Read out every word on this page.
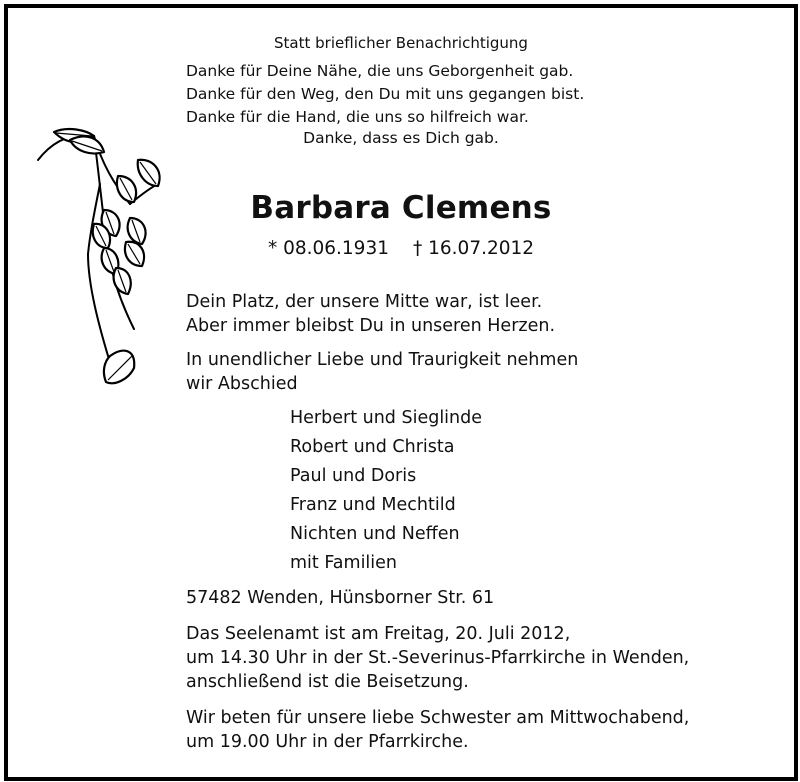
Statt brieflicher Benachrichtigung
Danke für Deine Nähe, die uns Geborgenheit gab.
Danke für den Weg, den Du mit uns gegangen bist.
Danke für die Hand, die uns so hilfreich war.
Danke, dass es Dich gab.
Barbara Clemens
* 08.06.1931 † 16.07.2012
Dein Platz, der unsere Mitte war, ist leer.
Aber immer bleibst Du in unseren Herzen.
In unendlicher Liebe und Traurigkeit nehmen
wir Abschied
Herbert und Sieglinde
Robert und Christa
Paul und Doris
Franz und Mechtild
Nichten und Neffen
mit Familien
57482 Wenden, Hünsborner Str. 61
Das Seelenamt ist am Freitag, 20. Juli 2012,
um 14.30 Uhr in der St.-Severinus-Pfarrkirche in Wenden,
anschließend ist die Beisetzung.
Wir beten für unsere liebe Schwester am Mittwochabend,
um 19.00 Uhr in der Pfarrkirche.
